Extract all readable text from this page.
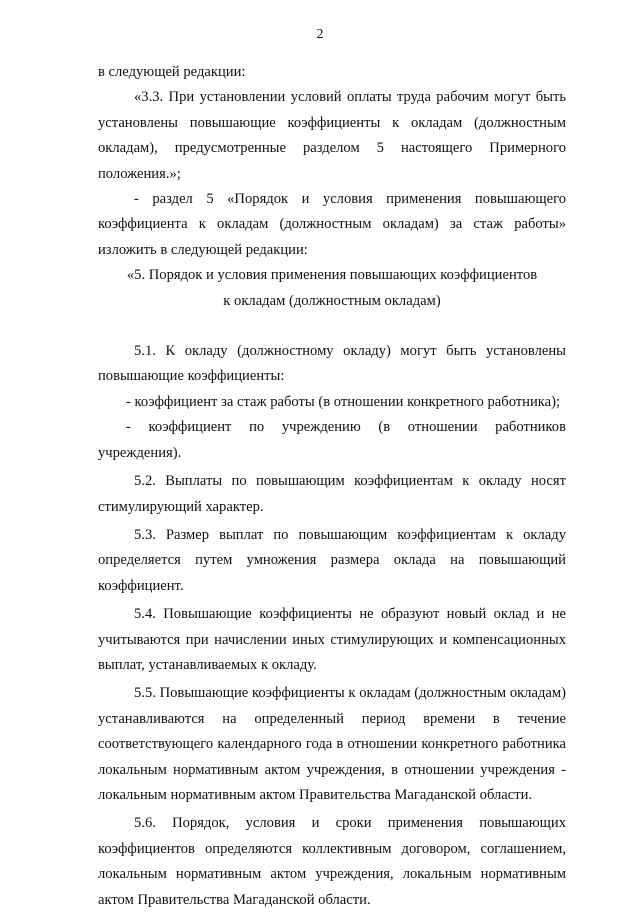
2

в следующей редакции:

«3.3. При установлении условий оплаты труда рабочим могут быть установлены повышающие коэффициенты к окладам (должностным окладам), предусмотренные разделом 5 настоящего Примерного положения.»;

- раздел 5 «Порядок и условия применения повышающего коэффициента к окладам (должностным окладам) за стаж работы» изложить в следующей редакции:

«5. Порядок и условия применения повышающих коэффициентов
к окладам (должностным окладам)

5.1. К окладу (должностному окладу) могут быть установлены повышающие коэффициенты:

- коэффициент за стаж работы (в отношении конкретного работника);

- коэффициент по учреждению (в отношении работников учреждения).

5.2. Выплаты по повышающим коэффициентам к окладу носят стимулирующий характер.

5.3. Размер выплат по повышающим коэффициентам к окладу определяется путем умножения размера оклада на повышающий коэффициент.

5.4. Повышающие коэффициенты не образуют новый оклад и не учитываются при начислении иных стимулирующих и компенсационных выплат, устанавливаемых к окладу.

5.5. Повышающие коэффициенты к окладам (должностным окладам) устанавливаются на определенный период времени в течение соответствующего календарного года в отношении конкретного работника локальным нормативным актом учреждения, в отношении учреждения - локальным нормативным актом Правительства Магаданской области.

5.6. Порядок, условия и сроки применения повышающих коэффициентов определяются коллективным договором, соглашением, локальным нормативным актом учреждения, локальным нормативным актом Правительства Магаданской области.
